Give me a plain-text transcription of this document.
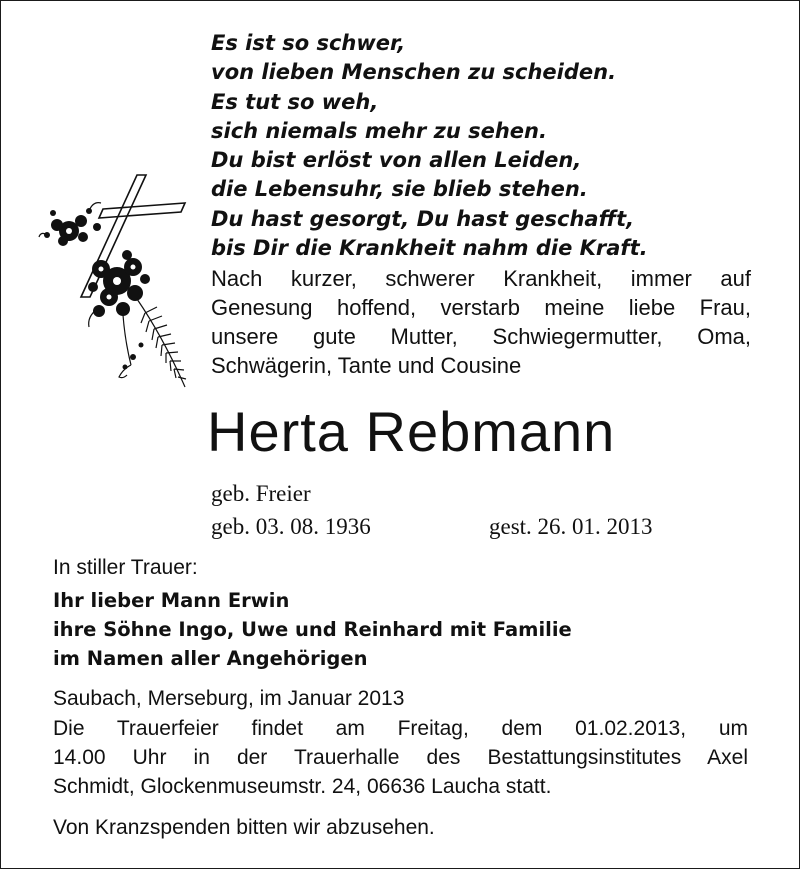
Es ist so schwer,
von lieben Menschen zu scheiden.
Es tut so weh,
sich niemals mehr zu sehen.
Du bist erlöst von allen Leiden,
die Lebensuhr, sie blieb stehen.
Du hast gesorgt, Du hast geschafft,
bis Dir die Krankheit nahm die Kraft.
Nach kurzer, schwerer Krankheit, immer auf
Genesung hoffend, verstarb meine liebe Frau,
unsere gute Mutter, Schwiegermutter, Oma,
Schwägerin, Tante und Cousine
Herta Rebmann
geb. Freier
geb. 03. 08. 1936	gest. 26. 01. 2013
In stiller Trauer:
Ihr lieber Mann Erwin
ihre Söhne Ingo, Uwe und Reinhard mit Familie
im Namen aller Angehörigen
Saubach, Merseburg, im Januar 2013
Die Trauerfeier findet am Freitag, dem 01.02.2013, um
14.00 Uhr in der Trauerhalle des Bestattungsinstitutes Axel
Schmidt, Glockenmuseumstr. 24, 06636 Laucha statt.
Von Kranzspenden bitten wir abzusehen.
